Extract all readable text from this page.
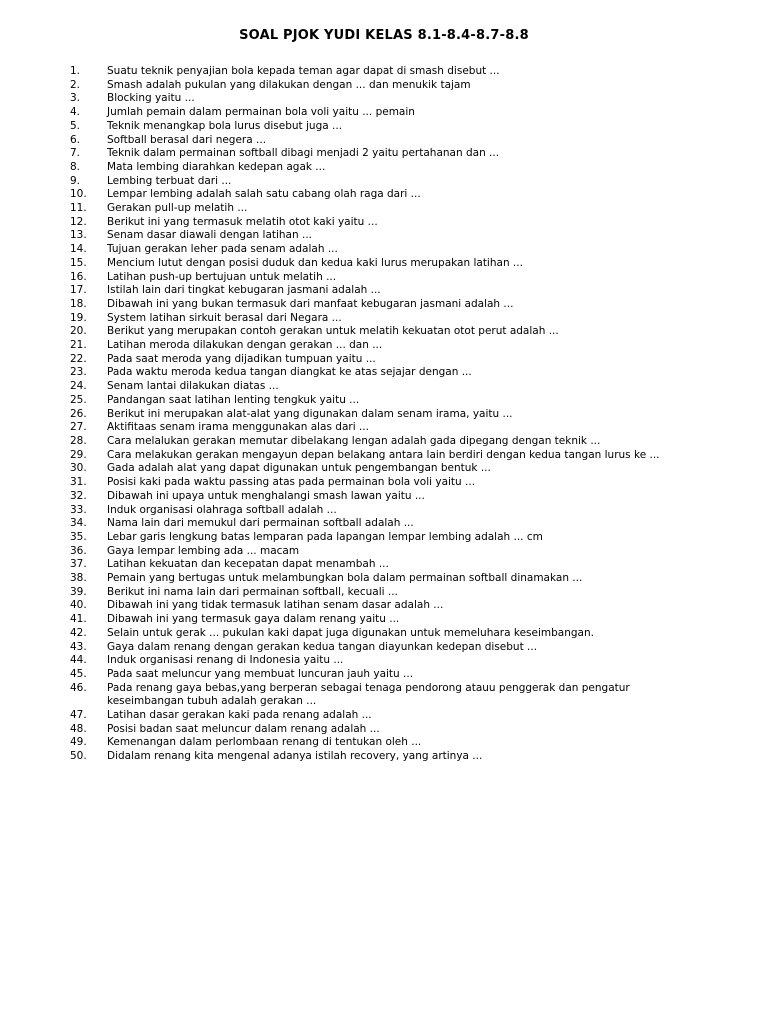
SOAL PJOK YUDI KELAS 8.1-8.4-8.7-8.8
1.	Suatu teknik penyajian bola kepada teman agar dapat di smash disebut ...
2.	Smash adalah pukulan yang dilakukan dengan ... dan menukik tajam
3.	Blocking yaitu ...
4.	Jumlah pemain dalam permainan bola voli yaitu ... pemain
5.	Teknik menangkap bola lurus disebut juga ...
6.	Softball berasal dari negera ...
7.	Teknik dalam permainan softball dibagi menjadi 2 yaitu pertahanan dan ...
8.	Mata lembing diarahkan kedepan agak ...
9.	Lembing terbuat dari ...
10.	Lempar lembing adalah salah satu cabang olah raga dari ...
11.	Gerakan pull-up melatih ...
12.	Berikut ini yang termasuk melatih otot kaki yaitu ...
13.	Senam dasar diawali dengan latihan ...
14.	Tujuan gerakan leher pada senam adalah ...
15.	Mencium lutut dengan posisi duduk dan kedua kaki lurus merupakan latihan ...
16.	Latihan push-up bertujuan untuk melatih ...
17.	Istilah lain dari tingkat kebugaran jasmani adalah ...
18.	Dibawah ini yang bukan termasuk dari manfaat kebugaran jasmani adalah ...
19.	System latihan sirkuit berasal dari Negara ...
20.	Berikut yang merupakan contoh gerakan untuk melatih kekuatan otot perut adalah ...
21.	Latihan meroda dilakukan dengan gerakan ... dan ...
22.	Pada saat meroda yang dijadikan tumpuan yaitu ...
23.	Pada waktu meroda kedua tangan diangkat ke atas sejajar dengan ...
24.	Senam lantai dilakukan diatas ...
25.	Pandangan saat latihan lenting tengkuk yaitu ...
26.	Berikut ini merupakan alat-alat yang digunakan dalam senam irama, yaitu ...
27.	Aktifitaas senam irama menggunakan alas dari ...
28.	Cara melalukan gerakan memutar dibelakang lengan adalah gada dipegang dengan teknik ...
29.	Cara melakukan gerakan mengayun depan belakang antara lain berdiri dengan kedua tangan lurus ke ...
30.	Gada adalah alat yang dapat digunakan untuk pengembangan bentuk ...
31.	Posisi kaki pada waktu passing atas pada permainan bola voli yaitu ...
32.	Dibawah ini upaya untuk menghalangi smash lawan yaitu ...
33.	Induk organisasi olahraga softball adalah ...
34.	Nama lain dari memukul dari permainan softball adalah ...
35.	Lebar garis lengkung batas lemparan pada lapangan lempar lembing adalah ... cm
36.	Gaya lempar lembing ada ... macam
37.	Latihan kekuatan dan kecepatan dapat menambah ...
38.	Pemain yang bertugas untuk melambungkan bola dalam permainan softball dinamakan ...
39.	Berikut ini nama lain dari permainan softball, kecuali ...
40.	Dibawah ini yang tidak termasuk latihan senam dasar adalah ...
41.	Dibawah ini yang termasuk gaya dalam renang yaitu ...
42.	Selain untuk gerak ... pukulan kaki dapat juga digunakan untuk memeluhara keseimbangan.
43.	Gaya dalam renang dengan gerakan kedua tangan diayunkan kedepan disebut ...
44.	Induk organisasi renang di Indonesia yaitu ...
45.	Pada saat meluncur yang membuat luncuran jauh yaitu ...
46.	Pada renang gaya bebas,yang berperan sebagai tenaga pendorong atauu penggerak dan pengatur
keseimbangan tubuh adalah gerakan ...
47.	Latihan dasar gerakan kaki pada renang adalah ...
48.	Posisi badan saat meluncur dalam renang adalah ...
49.	Kemenangan dalam perlombaan renang di tentukan oleh ...
50.	Didalam renang kita mengenal adanya istilah recovery, yang artinya ...
